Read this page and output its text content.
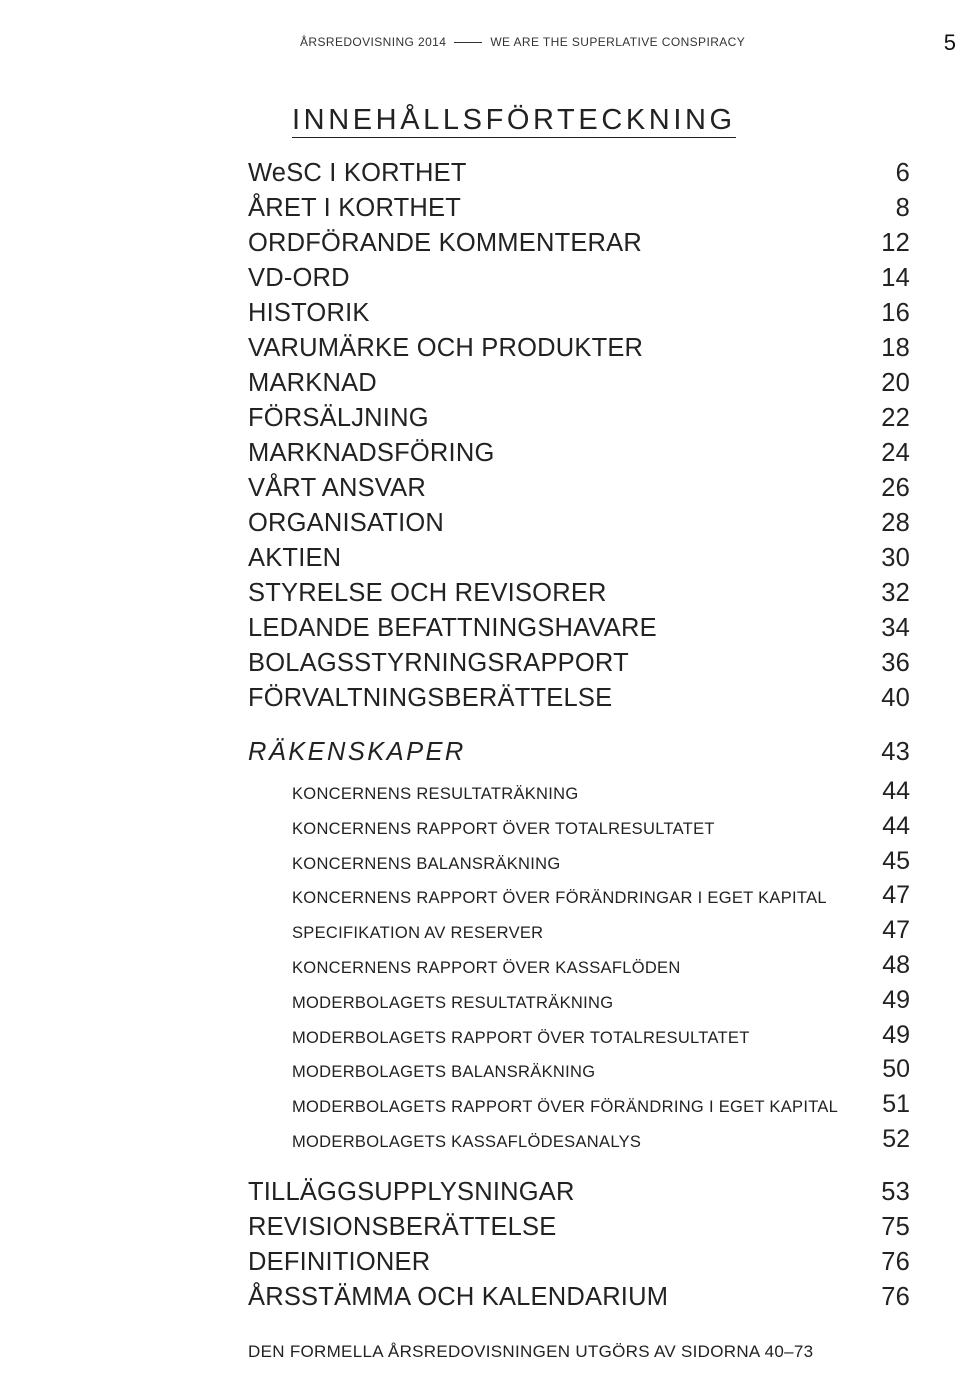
ÅRSREDOVISNING 2014	WE ARE THE SUPERLATIVE CONSPIRACY	5
INNEHÅLLSFÖRTECKNING
WeSC I KORTHET	6
ÅRET I KORTHET	8
ORDFÖRANDE KOMMENTERAR	12
VD-ORD	14
HISTORIK	16
VARUMÄRKE OCH PRODUKTER	18
MARKNAD	20
FÖRSÄLJNING	22
MARKNADSFÖRING	24
VÅRT ANSVAR	26
ORGANISATION	28
AKTIEN	30
STYRELSE OCH REVISORER	32
LEDANDE BEFATTNINGSHAVARE	34
BOLAGSSTYRNINGSRAPPORT	36
FÖRVALTNINGSBERÄTTELSE	40
RÄKENSKAPER	43
KONCERNENS RESULTATRÄKNING	44
KONCERNENS RAPPORT ÖVER TOTALRESULTATET	44
KONCERNENS BALANSRÄKNING	45
KONCERNENS RAPPORT ÖVER FÖRÄNDRINGAR I EGET KAPITAL 47
SPECIFIKATION AV RESERVER	47
KONCERNENS RAPPORT ÖVER KASSAFLÖDEN	48
MODERBOLAGETS RESULTATRÄKNING	49
MODERBOLAGETS RAPPORT ÖVER TOTALRESULTATET	49
MODERBOLAGETS BALANSRÄKNING	50
MODERBOLAGETS RAPPORT ÖVER FÖRÄNDRING I EGET KAPITAL 51
MODERBOLAGETS KASSAFLÖDESANALYS	52
TILLÄGGSUPPLYSNINGAR	53
REVISIONSBERÄTTELSE	75
DEFINITIONER	76
ÅRSSTÄMMA OCH KALENDARIUM	76
DEN FORMELLA ÅRSREDOVISNINGEN UTGÖRS AV SIDORNA 40–73
